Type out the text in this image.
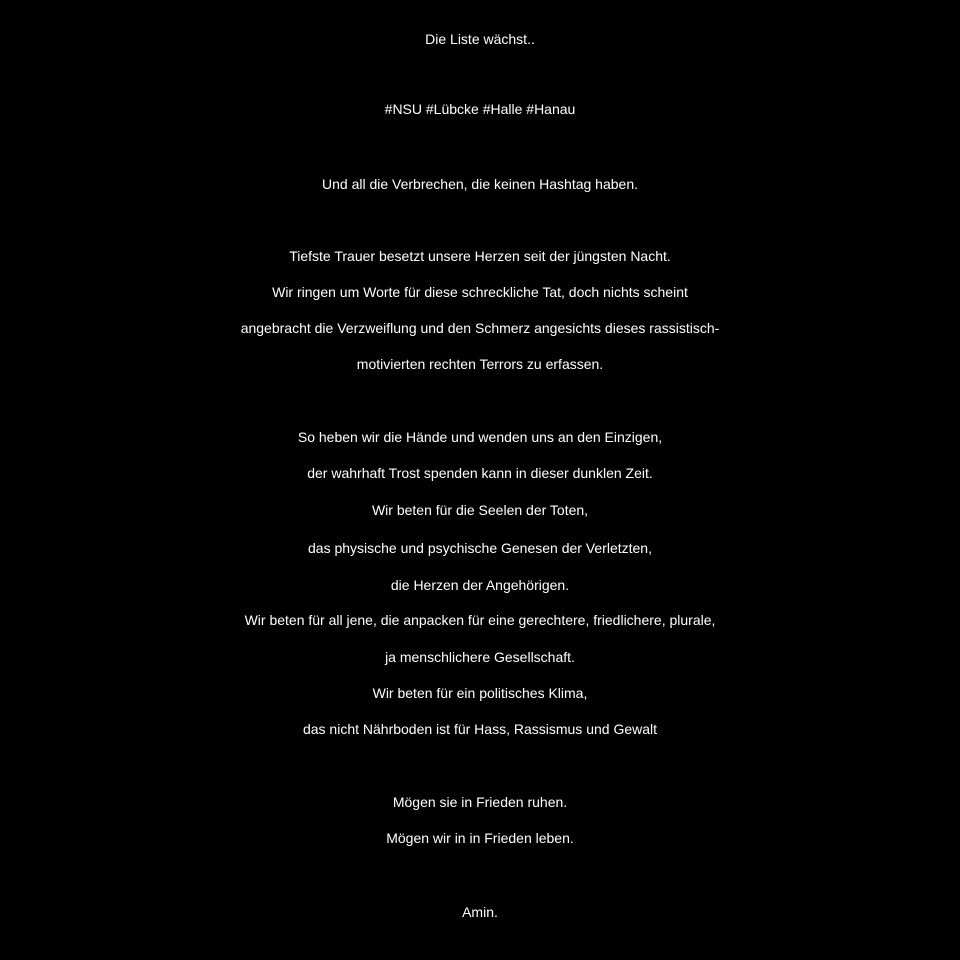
Die Liste wächst..
#NSU #Lübcke #Halle #Hanau
Und all die Verbrechen, die keinen Hashtag haben.
Tiefste Trauer besetzt unsere Herzen seit der jüngsten Nacht.
Wir ringen um Worte für diese schreckliche Tat, doch nichts scheint
angebracht die Verzweiflung und den Schmerz angesichts dieses rassistisch-
motivierten rechten Terrors zu erfassen.
So heben wir die Hände und wenden uns an den Einzigen,
der wahrhaft Trost spenden kann in dieser dunklen Zeit.
Wir beten für die Seelen der Toten,
das physische und psychische Genesen der Verletzten,
die Herzen der Angehörigen.
Wir beten für all jene, die anpacken für eine gerechtere, friedlichere, plurale,
ja menschlichere Gesellschaft.
Wir beten für ein politisches Klima,
das nicht Nährboden ist für Hass, Rassismus und Gewalt
Mögen sie in Frieden ruhen.
Mögen wir in in Frieden leben.
Amin.
